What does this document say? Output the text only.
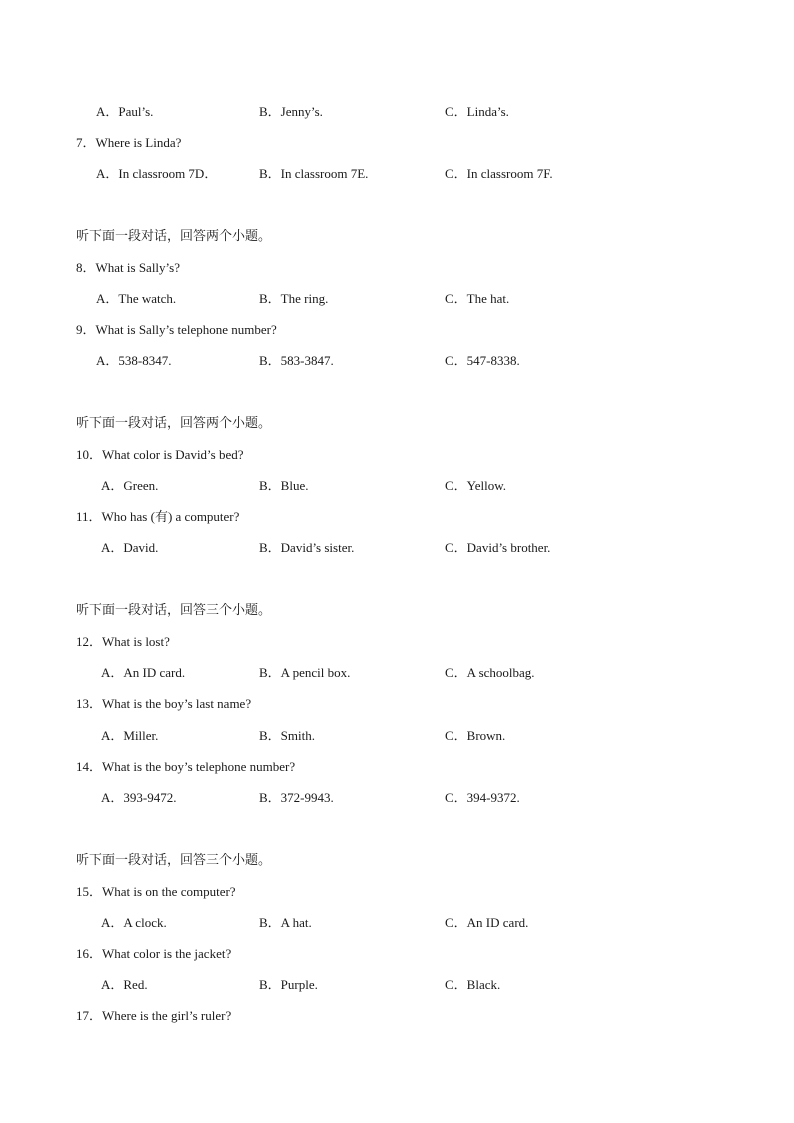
A．Paul’s.	B．Jenny’s.	C．Linda’s.
7．Where is Linda?
A．In classroom 7D．	B．In classroom 7E.	C．In classroom 7F.
听下面一段对话，回答两个小题。
8．What is Sally’s?
A．The watch.	B．The ring.	C．The hat.
9．What is Sally’s telephone number?
A．538-8347.	B．583-3847.	C．547-8338.
听下面一段对话，回答两个小题。
10．What color is David’s bed?
A．Green.	B．Blue.	C．Yellow.
11．Who has (有) a computer?
A．David.	B．David’s sister.	C．David’s brother.
听下面一段对话，回答三个小题。
12．What is lost?
A．An ID card.	B．A pencil box.	C．A schoolbag.
13．What is the boy’s last name?
A．Miller.	B．Smith.	C．Brown.
14．What is the boy’s telephone number?
A．393-9472.	B．372-9943.	C．394-9372.
听下面一段对话，回答三个小题。
15．What is on the computer?
A．A clock.	B．A hat.	C．An ID card.
16．What color is the jacket?
A．Red.	B．Purple.	C．Black.
17．Where is the girl’s ruler?
